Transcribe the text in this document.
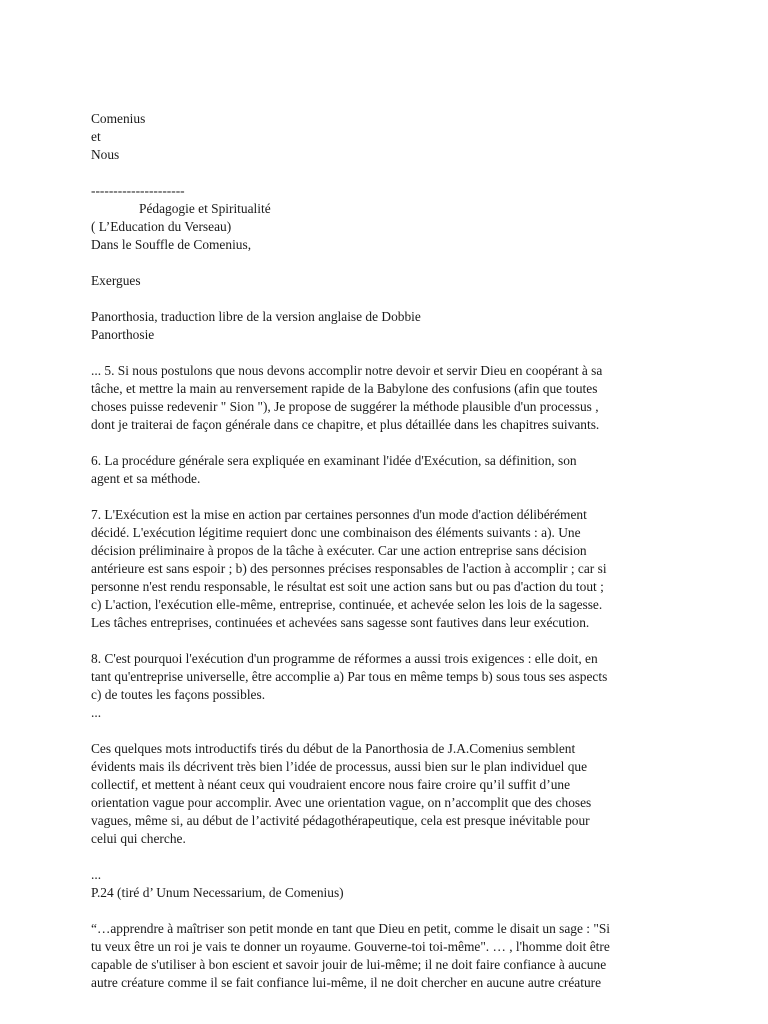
Comenius
et
Nous
---------------------
Pédagogie et Spiritualité
( L’Education du Verseau)
Dans le Souffle de Comenius,
Exergues
Panorthosia, traduction libre de la version anglaise de Dobbie
Panorthosie
... 5. Si nous postulons que nous devons accomplir notre devoir et servir Dieu en coopérant à sa
tâche, et mettre la main au renversement rapide de la Babylone des confusions (afin que toutes
choses puisse redevenir " Sion "), Je propose de suggérer la méthode plausible d'un processus ,
dont je traiterai de façon générale dans ce chapitre, et plus détaillée dans les chapitres suivants.
6. La procédure générale sera expliquée en examinant l'idée d'Exécution, sa définition, son
agent et sa méthode.
7. L'Exécution est la mise en action par certaines personnes d'un mode d'action délibérément
décidé. L'exécution légitime requiert donc une combinaison des éléments suivants : a). Une
décision préliminaire à propos de la tâche à exécuter. Car une action entreprise sans décision
antérieure est sans espoir ; b) des personnes précises responsables de l'action à accomplir ; car si
personne n'est rendu responsable, le résultat est soit une action sans but ou pas d'action du tout ;
c) L'action, l'exécution elle-même, entreprise, continuée, et achevée selon les lois de la sagesse.
Les tâches entreprises, continuées et achevées sans sagesse sont fautives dans leur exécution.
8. C'est pourquoi l'exécution d'un programme de réformes a aussi trois exigences : elle doit, en
tant qu'entreprise universelle, être accomplie a) Par tous en même temps b) sous tous ses aspects
c) de toutes les façons possibles.
...
Ces quelques mots introductifs tirés du début de la Panorthosia de J.A.Comenius semblent
évidents mais ils décrivent très bien l’idée de processus, aussi bien sur le plan individuel que
collectif, et mettent à néant ceux qui voudraient encore nous faire croire qu’il suffit d’une
orientation vague pour accomplir. Avec une orientation vague, on n’accomplit que des choses
vagues, même si, au début de l’activité pédagothérapeutique, cela est presque inévitable pour
celui qui cherche.
...
P.24 (tiré d’ Unum Necessarium, de Comenius)
“…apprendre à maîtriser son petit monde en tant que Dieu en petit, comme le disait un sage : "Si
tu veux être un roi je vais te donner un royaume. Gouverne-toi toi-même". … , l'homme doit être
capable de s'utiliser à bon escient et savoir jouir de lui-même; il ne doit faire confiance à aucune
autre créature comme il se fait confiance lui-même, il ne doit chercher en aucune autre créature
